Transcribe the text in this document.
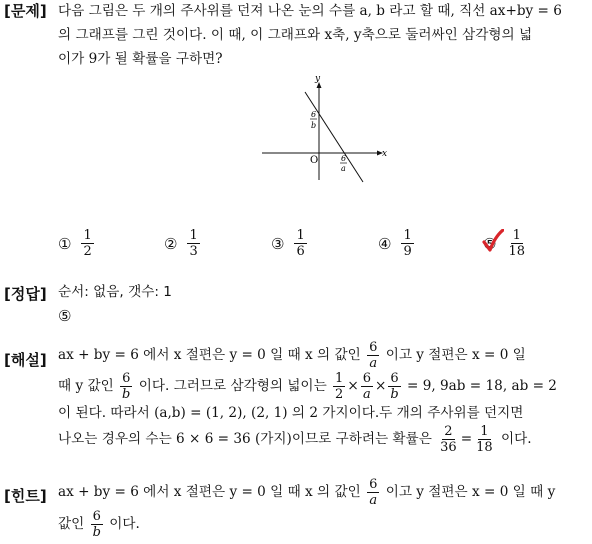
[문제] 다음 그림은 두 개의 주사위를 던져 나온 눈의 수를 a, b 라고 할 때, 직선 ax+by = 6
의 그래프를 그린 것이다. 이 때, 이 그래프와 x축, y축으로 둘러싸인 삼각형의 넓
이가 9가 될 확률을 구하면?
y
x
O
6
b
6
a
① $\frac{1}{2}$	② $\frac{1}{3}$	③ $\frac{1}{6}$	④ $\frac{1}{9}$	⑤ $\frac{1}{18}$
[정답] 순서: 없음, 갯수: 1
⑤
[해설] ax + by = 6 에서 x 절편은 y = 0 일 때 x 의 값인 $\frac{6}{a}$ 이고 y 절편은 x = 0 일
때 y 값인 $\frac{6}{b}$ 이다. 그러므로 삼각형의 넓이는 $\frac{1}{2} \times \frac{6}{a} \times \frac{6}{b} = 9$, 9ab = 18, ab = 2
이 된다. 따라서 (a,b) = (1, 2), (2, 1) 의 2 가지이다.두 개의 주사위를 던지면
나오는 경우의 수는 6 × 6 = 36 (가지)이므로 구하려는 확률은 $\frac{2}{36} = \frac{1}{18}$ 이다.
[힌트] ax + by = 6 에서 x 절편은 y = 0 일 때 x 의 값인 $\frac{6}{a}$ 이고 y 절편은 x = 0 일 때 y
값인 $\frac{6}{b}$ 이다.
